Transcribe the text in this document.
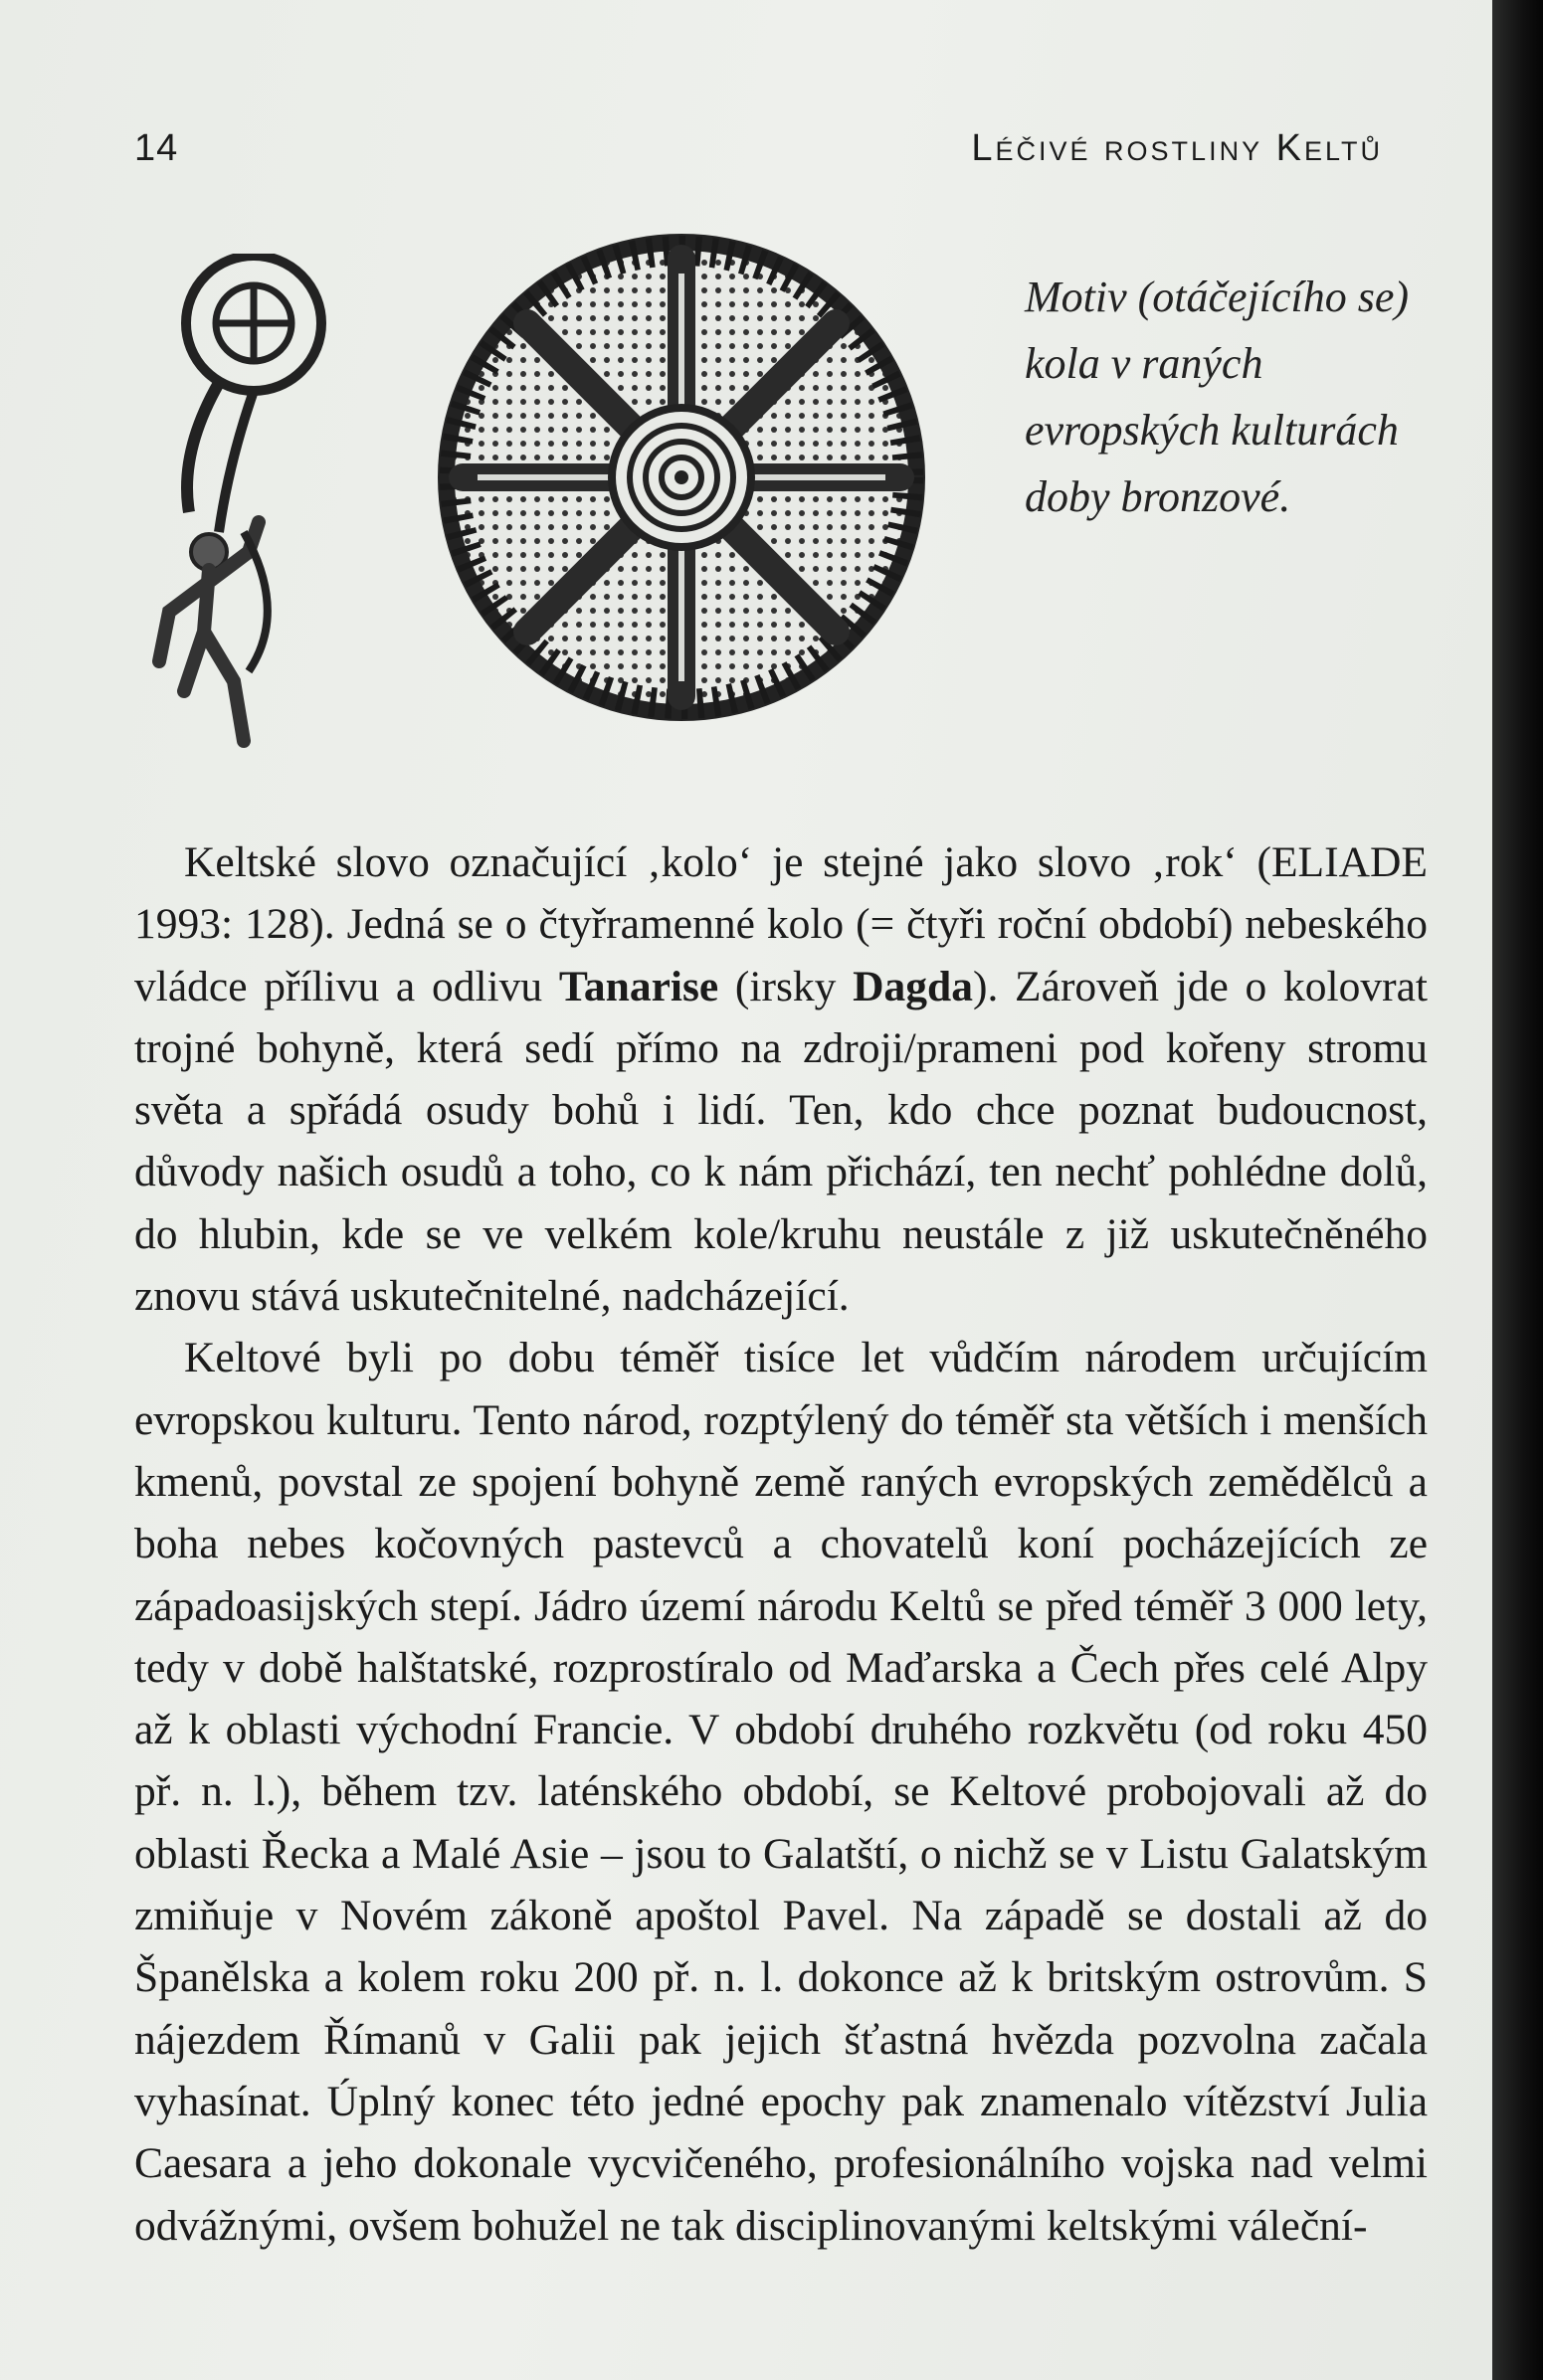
14	Léčivé rostliny Keltů
Motiv (otáčejícího se) kola v raných evropských kulturách doby bronzové.

Keltské slovo označující ‚kolo‘ je stejné jako slovo ‚rok‘ (ELIADE 1993: 128). Jedná se o čtyřramenné kolo (= čtyři roční období) nebeského vládce přílivu a odlivu Tanarise (irsky Dagda). Zároveň jde o kolovrat trojné bohyně, která sedí přímo na zdroji/prameni pod kořeny stromu světa a spřádá osudy bohů i lidí. Ten, kdo chce poznat budoucnost, důvody našich osudů a toho, co k nám přichází, ten nechť pohlédne dolů, do hlubin, kde se ve velkém kole/kruhu neustále z již uskutečněného znovu stává uskutečnitelné, nadcházející.

Keltové byli po dobu téměř tisíce let vůdčím národem určujícím evropskou kulturu. Tento národ, rozptýlený do téměř sta větších i menších kmenů, povstal ze spojení bohyně země raných evropských zemědělců a boha nebes kočovných pastevců a chovatelů koní pocházejících ze západoasijských stepí. Jádro území národu Keltů se před téměř 3 000 lety, tedy v době halštatské, rozprostíralo od Maďarska a Čech přes celé Alpy až k oblasti východní Francie. V období druhého rozkvětu (od roku 450 př. n. l.), během tzv. laténského období, se Keltové probojovali až do oblasti Řecka a Malé Asie – jsou to Galatští, o nichž se v Listu Galatským zmiňuje v Novém zákoně apoštol Pavel. Na západě se dostali až do Španělska a kolem roku 200 př. n. l. dokonce až k britským ostrovům. S nájezdem Římanů v Galii pak jejich šťastná hvězda pozvolna začala vyhasínat. Úplný konec této jedné epochy pak znamenalo vítězství Julia Caesara a jeho dokonale vycvičeného, profesionálního vojska nad velmi odvážnými, ovšem bohužel ne tak disciplinovanými keltskými váleční-
